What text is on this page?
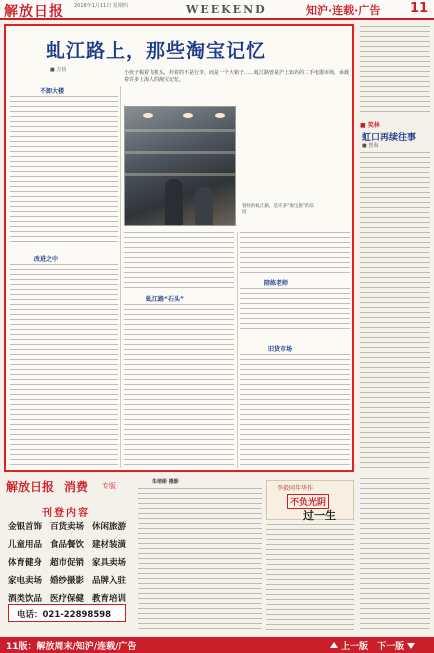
解放日报 2018年1月11日 星期四	WEEKEND	知沪·连载·广告 11
虬江路上，那些淘宝记忆
■ 方钧	小伙子梳着飞机头，拎着的不是行李，而是一个大箱子……虬江路曾是沪上知名的二手电器市场，承载着许多上海人的淘宝记忆。
不卸大楼
改进之中
曾经的虬江路，是许多“淘宝族”的乐园
虬江路“石头”
陪练老师
旧货市场
■ 笑林
虹口再续往事
■ 曾海
解放日报 消费 专版
刊登内容
金银首饰 百货卖场 休闲旅游
儿童用品 食品餐饮 建材装潢
体育健身 超市促销 家具卖场
家电卖场 婚纱摄影 品牌入驻
酒类饮品 医疗保健 教育培训
电话：021-22898598
朱培彬 摄影
李毅同年华作
不负光阴
过一生
11版：解放周末/知沪/连载/广告	上一版 下一版
